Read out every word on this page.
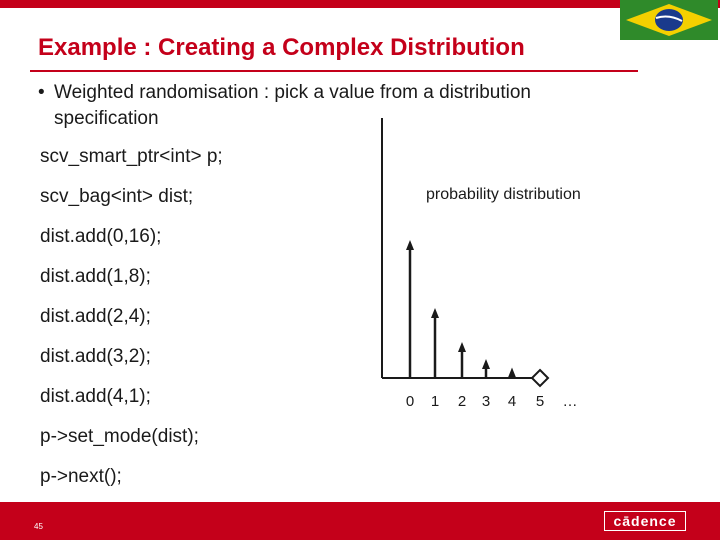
Example : Creating a Complex Distribution
• Weighted randomisation : pick a value from a distribution specification
scv_smart_ptr<int> p;
scv_bag<int> dist;
dist.add(0,16);
dist.add(1,8);
dist.add(2,4);
dist.add(3,2);
dist.add(4,1);
p->set_mode(dist);
p->next();
probability distribution
0 1 2 3 4 5 …
45	cādence
